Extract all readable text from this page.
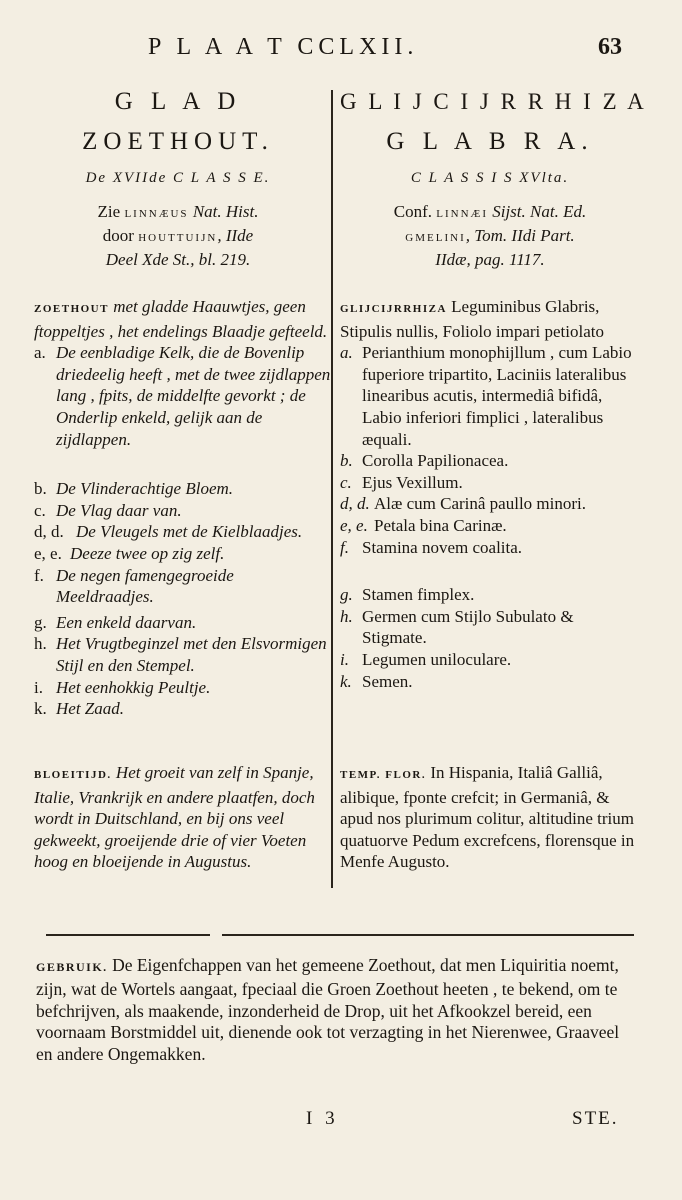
P L A A T CCLXII.	63
G L A D
ZOETHOUT.
De XVIIde C L A S S E.
Zie LINNÆUS Nat. Hist.
door HOUTTUIJN, IIde
Deel Xde St., bl. 219.
G L I J C I J R R H I Z A
G L A B R A.
C L A S S I S XVlta.
Conf. LINNÆI Sijst. Nat. Ed.
GMELINI, Tom. IIdi Part.
IIdæ, pag. 1117.
ZOETHOUT met gladde Haauwtjes, geen ftoppeltjes , het endelings Blaadje gefteeld.
a. De eenbladige Kelk, die de Bovenlip driedeelig heeft , met de twee zijdlappen lang , fpits, de middelfte gevorkt ; de Onderlip enkeld, gelijk aan de zijdlappen.
b. De Vlinderachtige Bloem.
c. De Vlag daar van.
d, d. De Vleugels met de Kielblaadjes.
e, e. Deeze twee op zig zelf.
f. De negen famengegroeide Meeldraadjes.
g. Een enkeld daarvan.
h. Het Vrugtbeginzel met den Elsvormigen Stijl en den Stempel.
i. Het eenhokkig Peultje.
k. Het Zaad.
GLIJCIJRRHIZA Leguminibus Glabris, Stipulis nullis, Foliolo impari petiolato
a. Perianthium monophijllum , cum Labio fuperiore tripartito, Laciniis lateralibus linearibus acutis, intermediâ bifidâ, Labio inferiori fimplici , lateralibus æquali.
b. Corolla Papilionacea.
c. Ejus Vexillum.
d, d. Alæ cum Carinâ paullo minori.
e, e. Petala bina Carinæ.
f. Stamina novem coalita.
g. Stamen fimplex.
h. Germen cum Stijlo Subulato & Stigmate.
i. Legumen uniloculare.
k. Semen.
BLOEITIJD. Het groeit van zelf in Spanje, Italie, Vrankrijk en andere plaatfen, doch wordt in Duitschland, en bij ons veel gekweekt, groeijende drie of vier Voeten hoog en bloeijende in Augustus.
TEMP. FLOR. In Hispania, Italiâ Galliâ, alibique, fponte crefcit; in Germaniâ, & apud nos plurimum colitur, altitudine trium quatuorve Pedum excrefcens, florensque in Menfe Augusto.
GEBRUIK. De Eigenfchappen van het gemeene Zoethout, dat men Liquiritia noemt, zijn, wat de Wortels aangaat, fpeciaal die Groen Zoethout heeten , te bekend, om te befchrijven, als maakende, inzonderheid de Drop, uit het Afkookzel bereid, een voornaam Borstmiddel uit, dienende ook tot verzagting in het Nierenwee, Graaveel en andere Ongemakken.
I 3	STE.
